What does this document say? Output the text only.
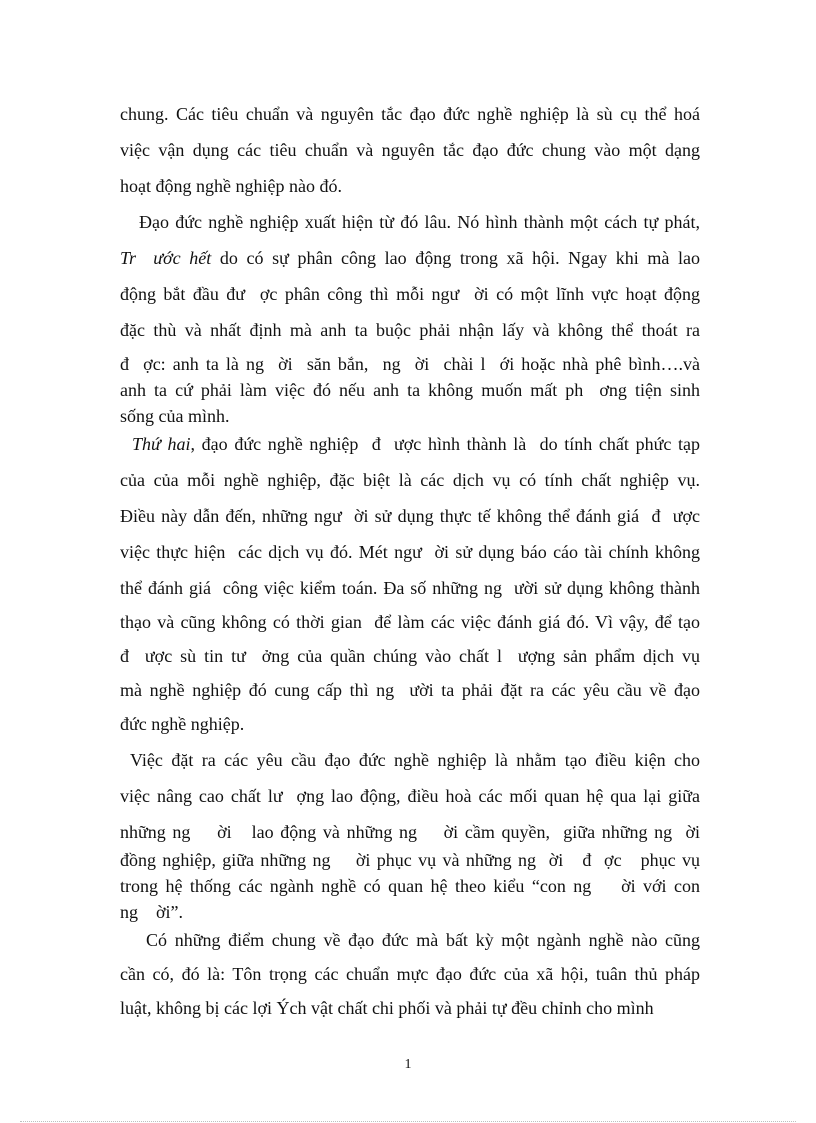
chung. Các tiêu chuẩn và nguyên tắc đạo đức nghề nghiệp là sù cụ thể hoá
việc vận dụng các tiêu chuẩn và nguyên tắc đạo đức chung vào một dạng
hoạt động nghề nghiệp nào đó.
Đạo đức nghề nghiệp xuất hiện từ đó lâu. Nó hình thành một cách tự phát,
Tr  ước hết do có sự phân công lao động trong xã hội. Ngay khi mà lao
động bắt đầu đư  ợc phân công thì mỗi ngư  ời có một lĩnh vực hoạt động
đặc thù và nhất định mà anh ta buộc phải nhận lấy và không thể thoát ra
đ  ợc: anh ta là ng  ời  săn bắn,  ng  ời  chài l  ới hoặc nhà phê bình….và
anh ta cứ phải làm việc đó nếu anh ta không muốn mất ph  ơng tiện sinh
sống của mình.
Thứ hai, đạo đức nghề nghiệp  đ  ược hình thành là  do tính chất phức tạp
của của mỗi nghề nghiệp, đặc biệt là các dịch vụ có tính chất nghiệp vụ.
Điều này dẫn đến, những ngư  ời sử dụng thực tế không thể đánh giá  đ  ược
việc thực hiện  các dịch vụ đó. Mét ngư  ời sử dụng báo cáo tài chính không
thể đánh giá  công việc kiểm toán. Đa số những ng  ười sử dụng không thành
thạo và cũng không có thời gian  để làm các việc đánh giá đó. Vì vậy, để tạo
đ  ược sù tin tư  ởng của quần chúng vào chất l  ượng sản phẩm dịch vụ
mà nghề nghiệp đó cung cấp thì ng  ười ta phải đặt ra các yêu cầu về đạo
đức nghề nghiệp.
Việc đặt ra các yêu cầu đạo đức nghề nghiệp là nhằm tạo điều kiện cho
việc nâng cao chất lư  ợng lao động, điều hoà các mối quan hệ qua lại giữa
những ng    ời   lao động và những ng    ời cầm quyền,  giữa những ng  ời
đồng nghiệp, giữa những ng    ời phục vụ và những ng  ời   đ  ợc   phục vụ
trong hệ thống các ngành nghề có quan hệ theo kiểu “con ng    ời với con
ng    ời”.
Có những điểm chung về đạo đức mà bất kỳ một ngành nghề nào cũng
cần có, đó là: Tôn trọng các chuẩn mực đạo đức của xã hội, tuân thủ pháp
luật, không bị các lợi Ých vật chất chi phối và phải tự đều chỉnh cho mình
1
